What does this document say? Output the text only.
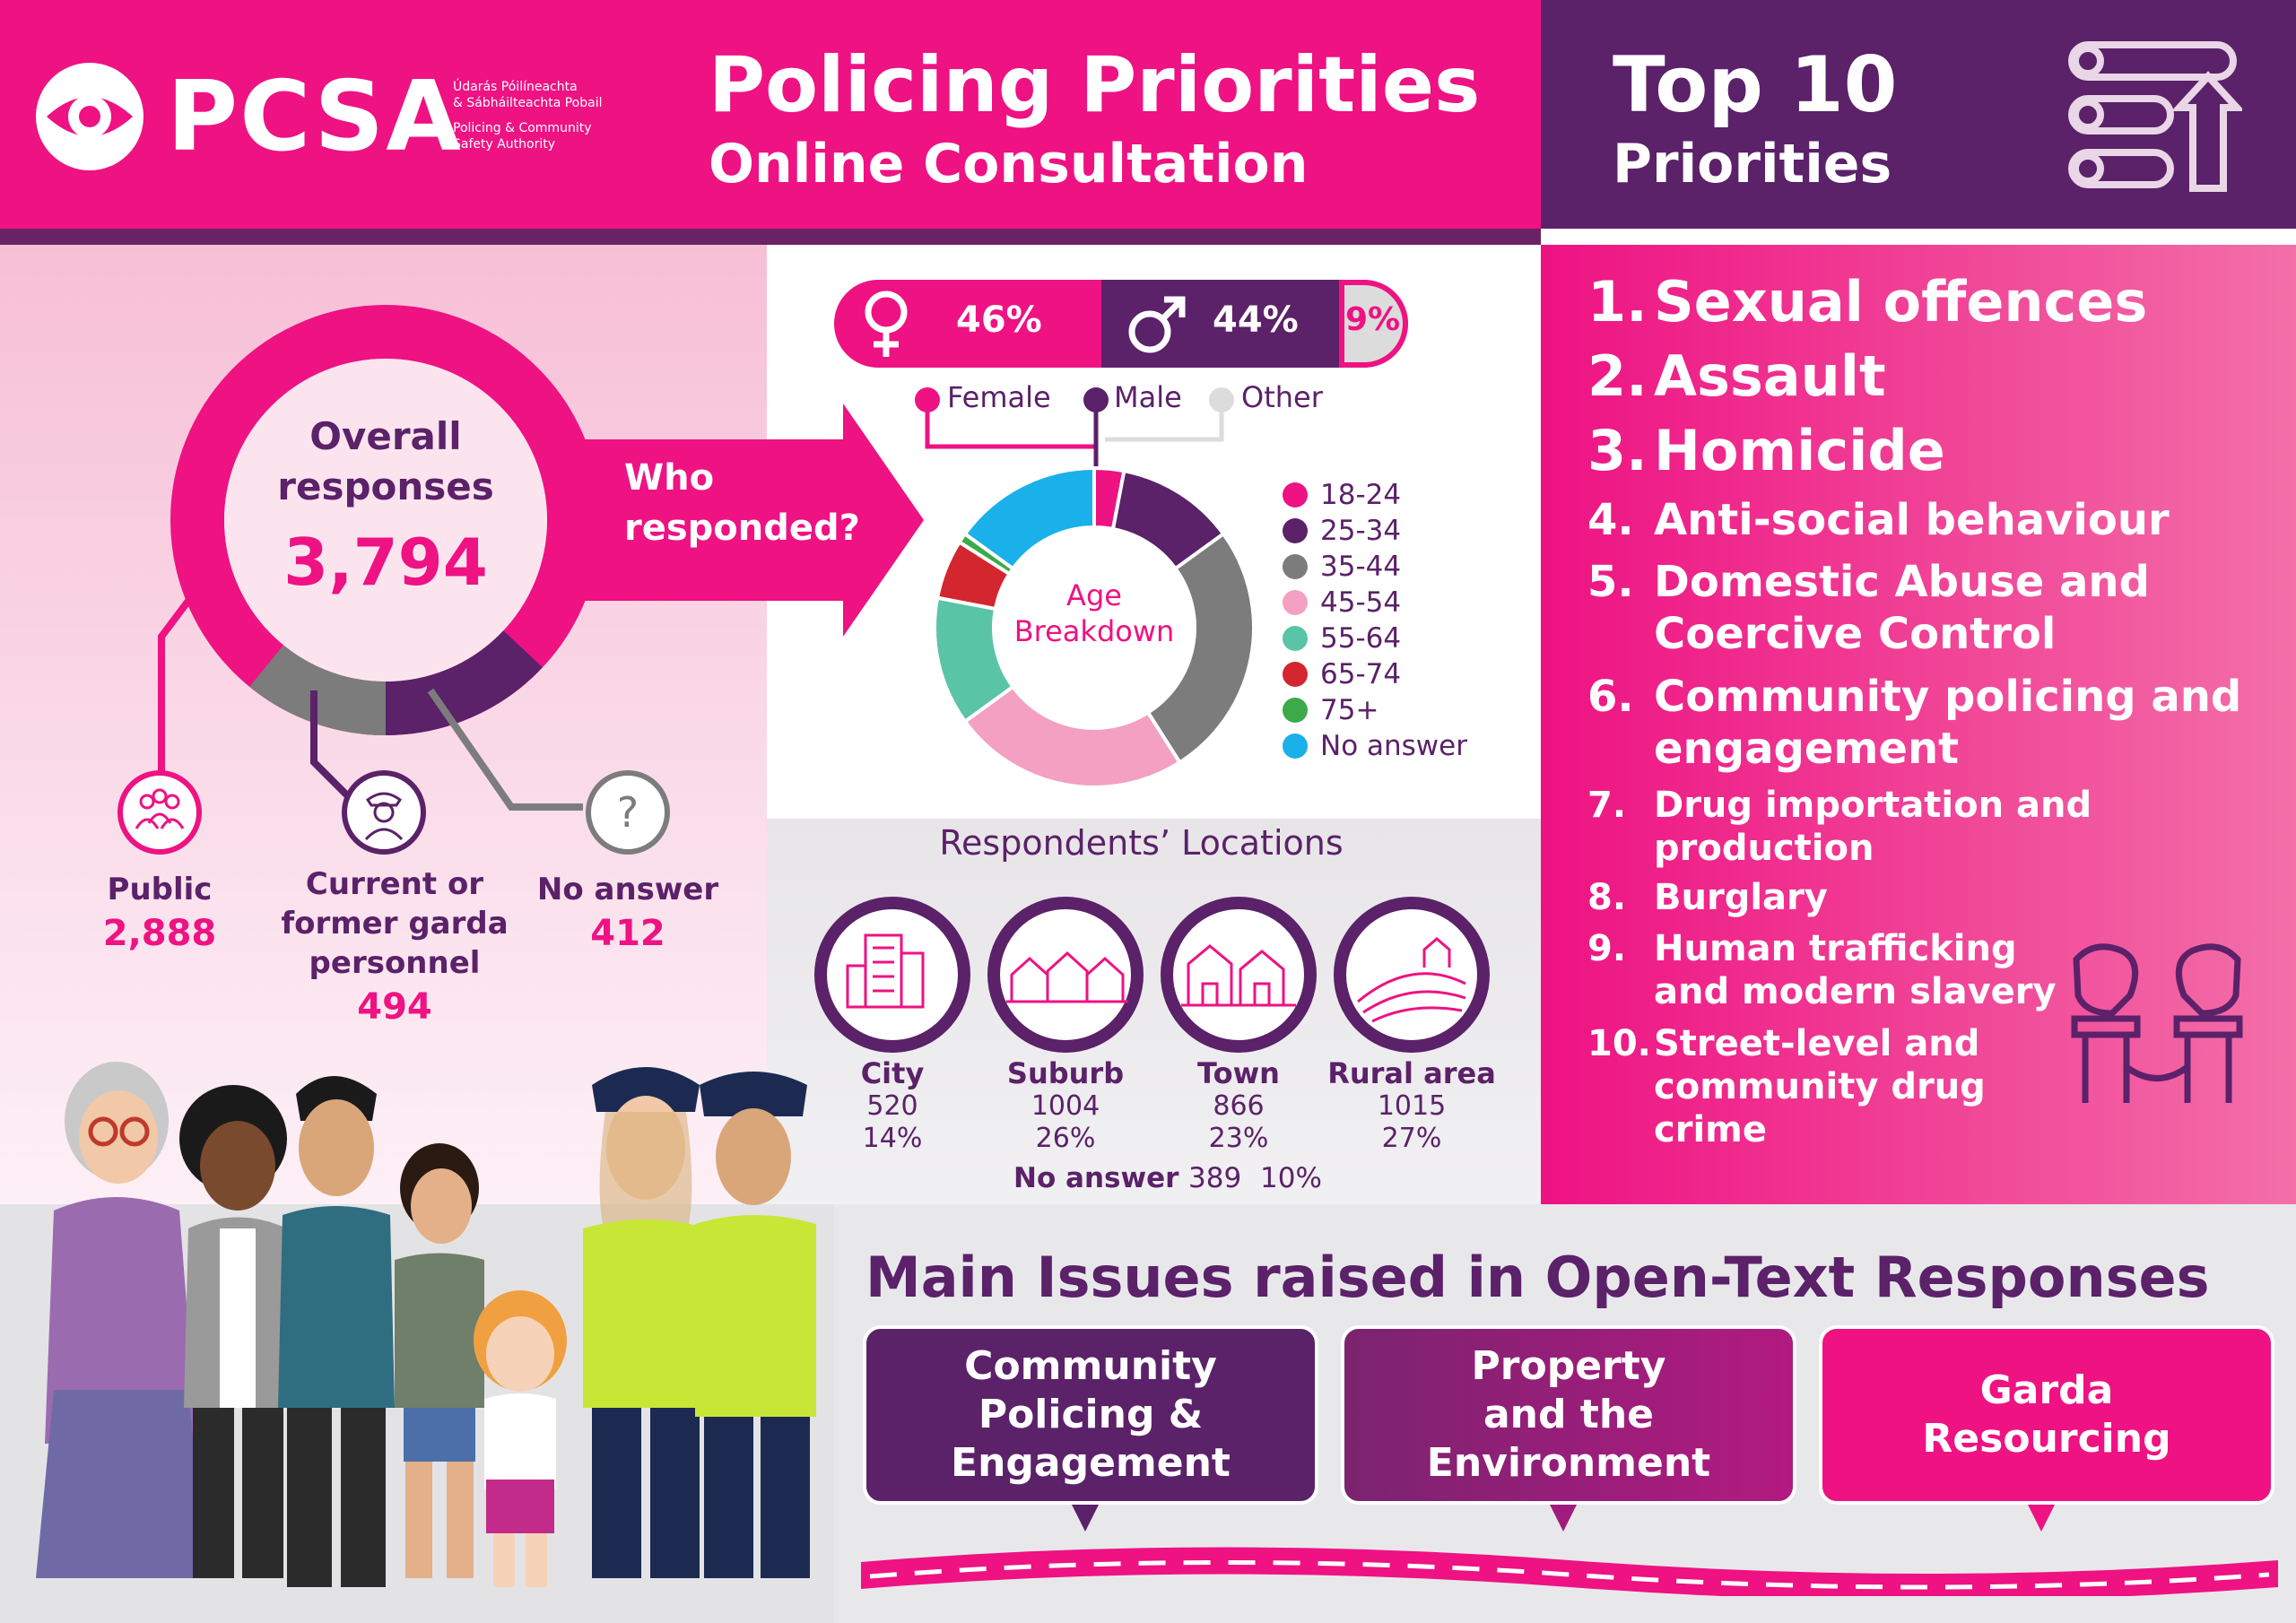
PCSA
Údarás Póilíneachta
& Sábháilteachta Pobail
Policing & Community
Safety Authority
Policing Priorities
Online Consultation
Top 10
Priorities
Overall
responses
3,794
Who
responded?
?
Public
2,888
Current or
former garda
personnel
494
No answer
412
46%	44% 9%
Female Male Other
Age Breakdown
18-24
25-34
35-44
45-54
55-64
65-74
75+
No answer
Respondents’ Locations
City
520
14%
Suburb
1004
26%
Town
866
23%
Rural area
1015
27%
No answer 389 10%
1. Sexual offences
2. Assault
3. Homicide
4. Anti-social behaviour
5. Domestic Abuse and
Coercive Control
6. Community policing and
engagement
7. Drug importation and
production
8. Burglary
9. Human trafficking
and modern slavery
10.Street-level and
community drug
crime
Main Issues raised in Open-Text Responses
Community
Policing &
Engagement
Property
and the
Environment
Garda
Resourcing
